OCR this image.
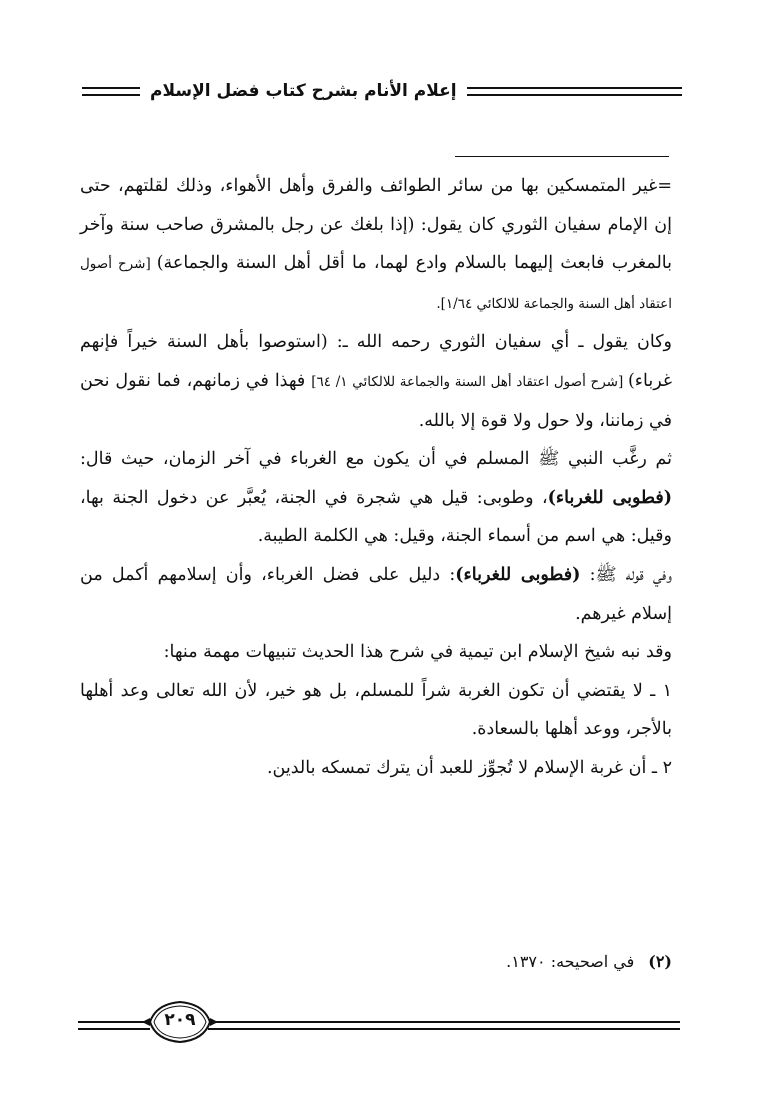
إعلام الأنام بشرح كتاب فضل الإسلام

=غير المتمسكين بها من سائر الطوائف والفرق وأهل الأهواء، وذلك لقلتهم، حتى إن الإمام سفيان الثوري كان يقول: (إذا بلغك عن رجل بالمشرق صاحب سنة وآخر بالمغرب فابعث إليهما بالسلام وادع لهما، ما أقل أهل السنة والجماعة) [شرح أصول اعتقاد أهل السنة والجماعة للالكائي ١/٦٤].

وكان يقول ـ أي سفيان الثوري رحمه الله ـ: (استوصوا بأهل السنة خيراً فإنهم غرباء) [شرح أصول اعتقاد أهل السنة والجماعة للالكائي ١/ ٦٤] فهذا في زمانهم، فما نقول نحن في زماننا، ولا حول ولا قوة إلا بالله.

ثم رغَّب النبي ﷺ المسلم في أن يكون مع الغرباء في آخر الزمان، حيث قال: (فطوبى للغرباء)، وطوبى: قيل هي شجرة في الجنة، يُعبَّر عن دخول الجنة بها، وقيل: هي اسم من أسماء الجنة، وقيل: هي الكلمة الطيبة.

وفي قوله ﷺ: (فطوبى للغرباء): دليل على فضل الغرباء، وأن إسلامهم أكمل من إسلام غيرهم.

وقد نبه شيخ الإسلام ابن تيمية في شرح هذا الحديث تنبيهات مهمة منها:

١ ـ لا يقتضي أن تكون الغربة شراً للمسلم، بل هو خير، لأن الله تعالى وعد أهلها بالأجر، ووعد أهلها بالسعادة.

٢ ـ أن غربة الإسلام لا تُجوِّز للعبد أن يترك تمسكه بالدين.

(٢)في اصحيحه: ١٣٧٠.
٢٠٩
